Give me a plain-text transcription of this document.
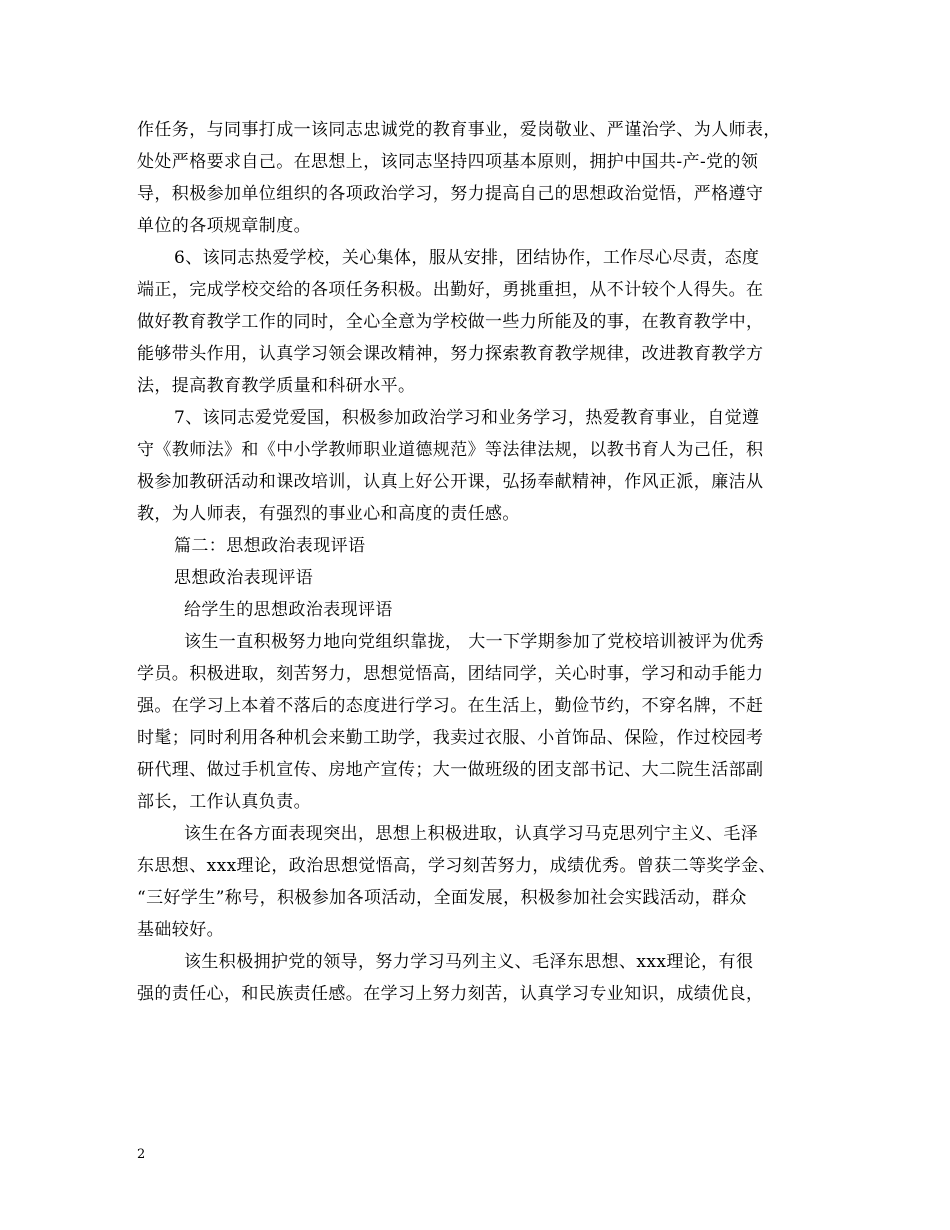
作任务，与同事打成一该同志忠诚党的教育事业，爱岗敬业、严谨治学、为人师表，
处处严格要求自己。在思想上，该同志坚持四项基本原则，拥护中国共-产-党的领
导，积极参加单位组织的各项政治学习，努力提高自己的思想政治觉悟，严格遵守
单位的各项规章制度。
6、该同志热爱学校，关心集体，服从安排，团结协作，工作尽心尽责，态度
端正，完成学校交给的各项任务积极。出勤好，勇挑重担，从不计较个人得失。在
做好教育教学工作的同时，全心全意为学校做一些力所能及的事，在教育教学中，
能够带头作用，认真学习领会课改精神，努力探索教育教学规律，改进教育教学方
法，提高教育教学质量和科研水平。
7、该同志爱党爱国，积极参加政治学习和业务学习，热爱教育事业，自觉遵
守《教师法》和《中小学教师职业道德规范》等法律法规，以教书育人为己任，积
极参加教研活动和课改培训，认真上好公开课，弘扬奉献精神，作风正派，廉洁从
教，为人师表，有强烈的事业心和高度的责任感。
篇二：思想政治表现评语
思想政治表现评语
给学生的思想政治表现评语
该生一直积极努力地向党组织靠拢， 大一下学期参加了党校培训被评为优秀
学员。积极进取，刻苦努力，思想觉悟高，团结同学，关心时事，学习和动手能力
强。在学习上本着不落后的态度进行学习。在生活上，勤俭节约，不穿名牌，不赶
时髦；同时利用各种机会来勤工助学，我卖过衣服、小首饰品、保险，作过校园考
研代理、做过手机宣传、房地产宣传；大一做班级的团支部书记、大二院生活部副
部长，工作认真负责。
该生在各方面表现突出，思想上积极进取，认真学习马克思列宁主义、毛泽
东思想、xxx理论，政治思想觉悟高，学习刻苦努力，成绩优秀。曾获二等奖学金、
“三好学生”称号，积极参加各项活动，全面发展，积极参加社会实践活动，群众
基础较好。
该生积极拥护党的领导，努力学习马列主义、毛泽东思想、xxx理论，有很
强的责任心，和民族责任感。在学习上努力刻苦，认真学习专业知识，成绩优良，
2
